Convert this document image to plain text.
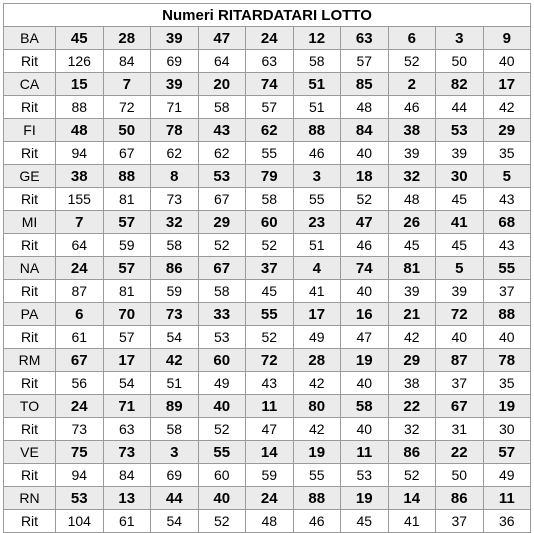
Numeri RITARDATARI LOTTO										
BA	45	28	39	47	24	12	63	6	3	9
Rit	126	84	69	64	63	58	57	52	50	40
CA	15	7	39	20	74	51	85	2	82	17
Rit	88	72	71	58	57	51	48	46	44	42
FI	48	50	78	43	62	88	84	38	53	29
Rit	94	67	62	62	55	46	40	39	39	35
GE	38	88	8	53	79	3	18	32	30	5
Rit	155	81	73	67	58	55	52	48	45	43
MI	7	57	32	29	60	23	47	26	41	68
Rit	64	59	58	52	52	51	46	45	45	43
NA	24	57	86	67	37	4	74	81	5	55
Rit	87	81	59	58	45	41	40	39	39	37
PA	6	70	73	33	55	17	16	21	72	88
Rit	61	57	54	53	52	49	47	42	40	40
RM	67	17	42	60	72	28	19	29	87	78
Rit	56	54	51	49	43	42	40	38	37	35
TO	24	71	89	40	11	80	58	22	67	19
Rit	73	63	58	52	47	42	40	32	31	30
VE	75	73	3	55	14	19	11	86	22	57
Rit	94	84	69	60	59	55	53	52	50	49
RN	53	13	44	40	24	88	19	14	86	11
Rit	104	61	54	52	48	46	45	41	37	36
